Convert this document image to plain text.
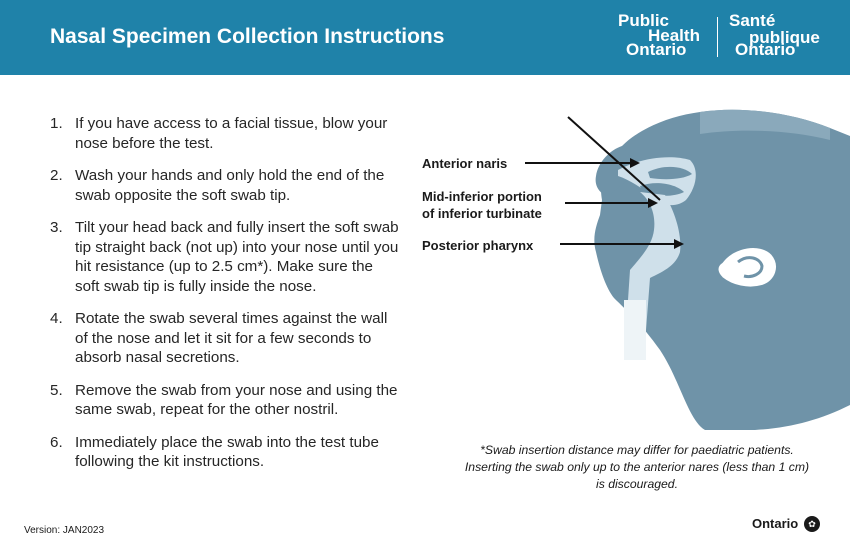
Nasal Specimen Collection Instructions
Public
Health
Ontario
Santé
publique
Ontario
1. If you have access to a facial tissue, blow your nose before the test.
2. Wash your hands and only hold the end of the swab opposite the soft swab tip.
3. Tilt your head back and fully insert the soft swab tip straight back (not up) into your nose until you hit resistance (up to 2.5 cm*). Make sure the soft swab tip is fully inside the nose.
4. Rotate the swab several times against the wall of the nose and let it sit for a few seconds to absorb nasal secretions.
5. Remove the swab from your nose and using the same swab, repeat for the other nostril.
6. Immediately place the swab into the test tube following the kit instructions.
Anterior naris
Mid-inferior portion
of inferior turbinate
Posterior pharynx
*Swab insertion distance may differ for paediatric patients. Inserting the swab only up to the anterior nares (less than 1 cm) is discouraged.
Version: JAN2023	Ontario	✿
